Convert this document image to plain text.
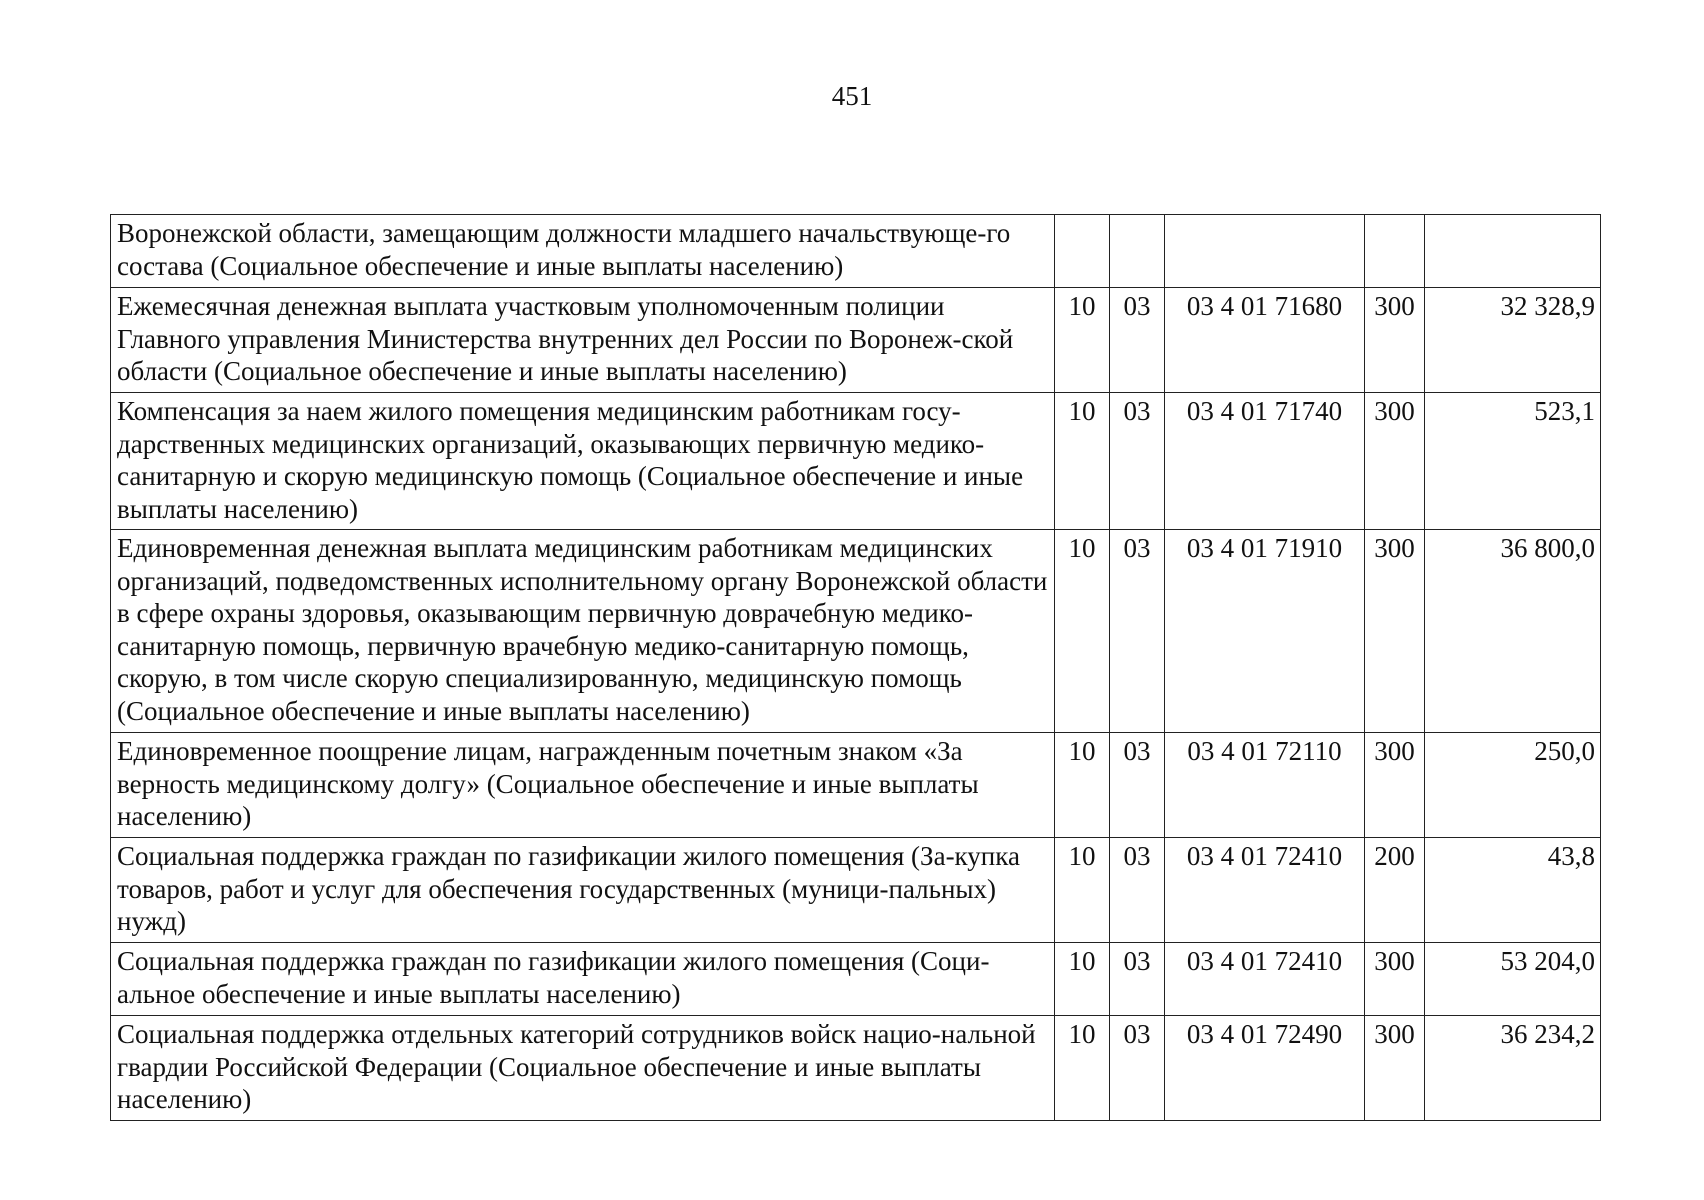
451
Воронежской области, замещающим должности младшего начальствующе-го состава (Социальное обеспечение и иные выплаты населению)					
Ежемесячная денежная выплата участковым уполномоченным полиции Главного управления Министерства внутренних дел России по Воронеж-ской области (Социальное обеспечение и иные выплаты населению)	10	03	03 4 01 71680	300	32 328,9
Компенсация за наем жилого помещения медицинским работникам госу-дарственных медицинских организаций, оказывающих первичную медико-санитарную и скорую медицинскую помощь (Социальное обеспечение и иные выплаты населению)	10	03	03 4 01 71740	300	523,1
Единовременная денежная выплата медицинским работникам медицинских организаций, подведомственных исполнительному органу Воронежской области в сфере охраны здоровья, оказывающим первичную доврачебную медико-санитарную помощь, первичную врачебную медико-санитарную помощь, скорую, в том числе скорую специализированную, медицинскую помощь (Социальное обеспечение и иные выплаты населению)	10	03	03 4 01 71910	300	36 800,0
Единовременное поощрение лицам, награжденным почетным знаком «За верность медицинскому долгу» (Социальное обеспечение и иные выплаты населению)	10	03	03 4 01 72110	300	250,0
Социальная поддержка граждан по газификации жилого помещения (За-купка товаров, работ и услуг для обеспечения государственных (муници-пальных) нужд)	10	03	03 4 01 72410	200	43,8
Социальная поддержка граждан по газификации жилого помещения (Соци-альное обеспечение и иные выплаты населению)	10	03	03 4 01 72410	300	53 204,0
Социальная поддержка отдельных категорий сотрудников войск нацио-нальной гвардии Российской Федерации (Социальное обеспечение и иные выплаты населению)	10	03	03 4 01 72490	300	36 234,2
